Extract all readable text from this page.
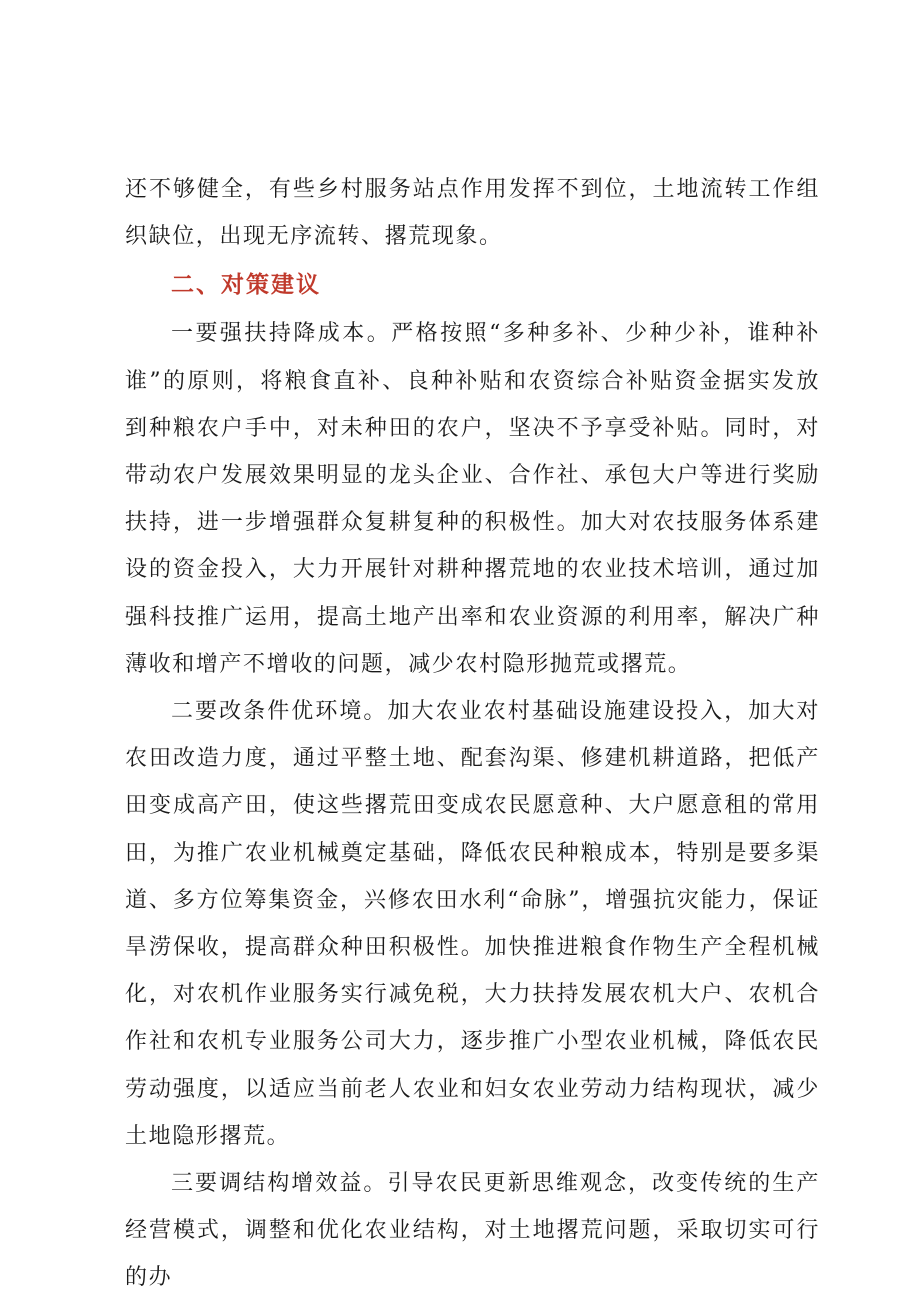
还不够健全，有些乡村服务站点作用发挥不到位，土地流转工作组织缺位，出现无序流转、撂荒现象。

二、对策建议

一要强扶持降成本。严格按照“多种多补、少种少补，谁种补谁”的原则，将粮食直补、良种补贴和农资综合补贴资金据实发放到种粮农户手中，对未种田的农户，坚决不予享受补贴。同时，对带动农户发展效果明显的龙头企业、合作社、承包大户等进行奖励扶持，进一步增强群众复耕复种的积极性。加大对农技服务体系建设的资金投入，大力开展针对耕种撂荒地的农业技术培训，通过加强科技推广运用，提高土地产出率和农业资源的利用率，解决广种薄收和增产不增收的问题，减少农村隐形抛荒或撂荒。

二要改条件优环境。加大农业农村基础设施建设投入，加大对农田改造力度，通过平整土地、配套沟渠、修建机耕道路，把低产田变成高产田，使这些撂荒田变成农民愿意种、大户愿意租的常用田，为推广农业机械奠定基础，降低农民种粮成本，特别是要多渠道、多方位筹集资金，兴修农田水利“命脉”，增强抗灾能力，保证旱涝保收，提高群众种田积极性。加快推进粮食作物生产全程机械化，对农机作业服务实行减免税，大力扶持发展农机大户、农机合作社和农机专业服务公司大力，逐步推广小型农业机械，降低农民劳动强度，以适应当前老人农业和妇女农业劳动力结构现状，减少土地隐形撂荒。

三要调结构增效益。引导农民更新思维观念，改变传统的生产经营模式，调整和优化农业结构，对土地撂荒问题，采取切实可行的办
